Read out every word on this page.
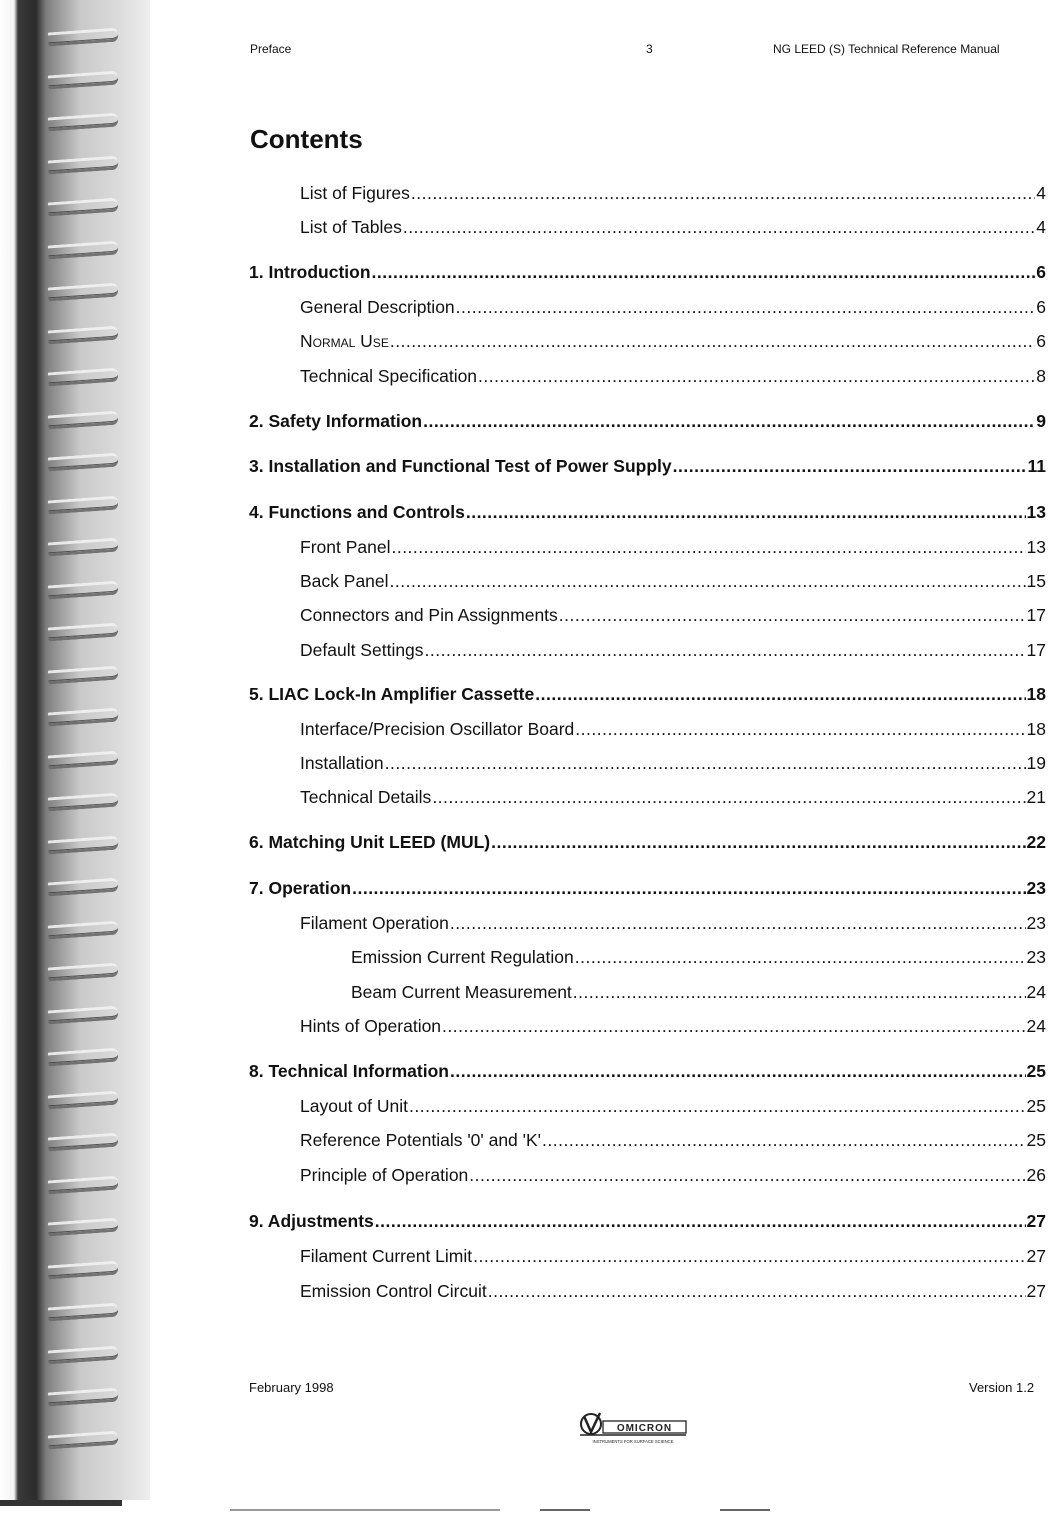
Preface	3	NG LEED (S) Technical Reference Manual
Contents
List of Figures .....	4
List of Tables .....	4
1. Introduction .....	6
General Description .....	6
Normal Use .....	6
Technical Specification .....	8
2. Safety Information .....	9
3. Installation and Functional Test of Power Supply .....	11
4. Functions and Controls .....	13
Front Panel .....	13
Back Panel .....	15
Connectors and Pin Assignments .....	17
Default Settings .....	17
5. LIAC Lock-In Amplifier Cassette .....	18
Interface/Precision Oscillator Board .....	18
Installation .....	19
Technical Details .....	21
6. Matching Unit LEED (MUL) .....	22
7. Operation .....	23
Filament Operation .....	23
Emission Current Regulation .....	23
Beam Current Measurement .....	24
Hints of Operation .....	24
8. Technical Information .....	25
Layout of Unit .....	25
Reference Potentials '0' and 'K' .....	25
Principle of Operation .....	26
9. Adjustments .....	27
Filament Current Limit .....	27
Emission Control Circuit .....	27
February 1998	Version 1.2
OMICRON
INSTRUMENTS FOR SURFACE SCIENCE
